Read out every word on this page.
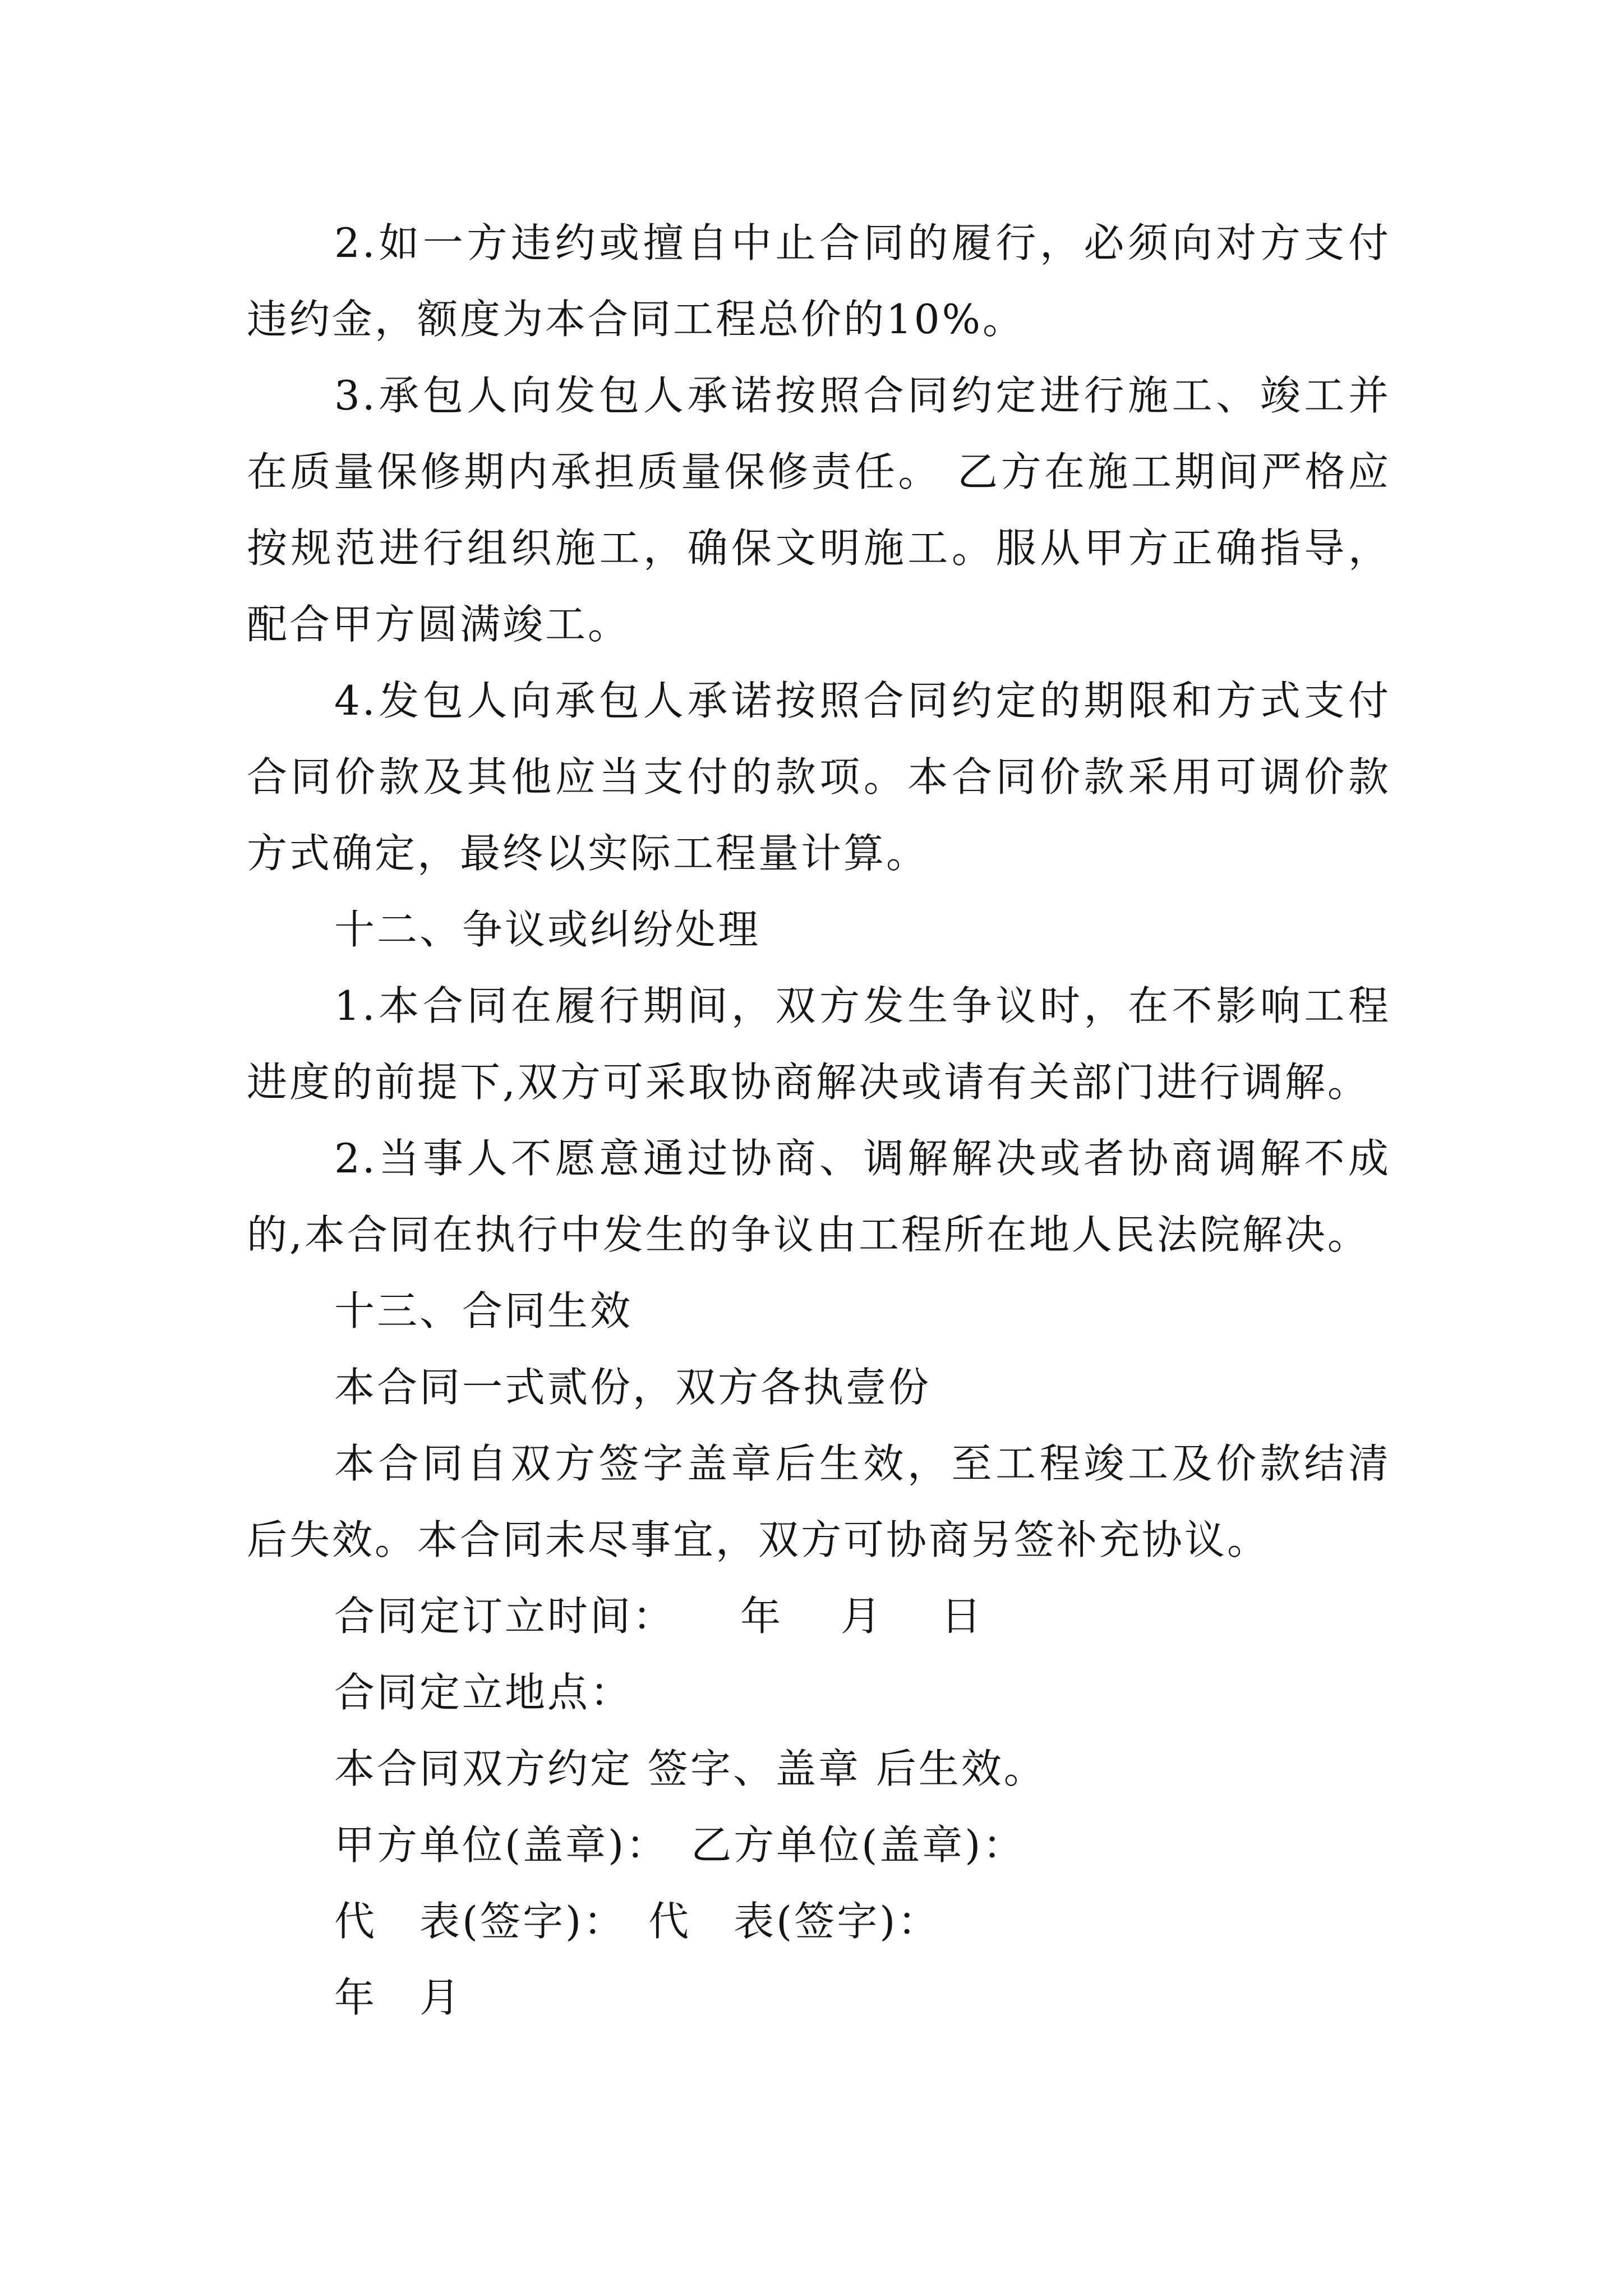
2.如一方违约或擅自中止合同的履行，必须向对方支付违约金，额度为本合同工程总价的10%。

3.承包人向发包人承诺按照合同约定进行施工、竣工并在质量保修期内承担质量保修责任。 乙方在施工期间严格应按规范进行组织施工，确保文明施工。服从甲方正确指导，配合甲方圆满竣工。

4.发包人向承包人承诺按照合同约定的期限和方式支付合同价款及其他应当支付的款项。本合同价款采用可调价款方式确定，最终以实际工程量计算。

十二、争议或纠纷处理

1.本合同在履行期间，双方发生争议时，在不影响工程进度的前提下,双方可采取协商解决或请有关部门进行调解。

2.当事人不愿意通过协商、调解解决或者协商调解不成的,本合同在执行中发生的争议由工程所在地人民法院解决。

十三、合同生效

本合同一式贰份，双方各执壹份

本合同自双方签字盖章后生效，至工程竣工及价款结清后失效。本合同未尽事宜，双方可协商另签补充协议。

合同定订立时间：　　年　 月　 日

合同定立地点：

本合同双方约定 签字、盖章 后生效。

甲方单位(盖章)：　乙方单位(盖章)：

代　表(签字)：　代　表(签字)：

年　月
